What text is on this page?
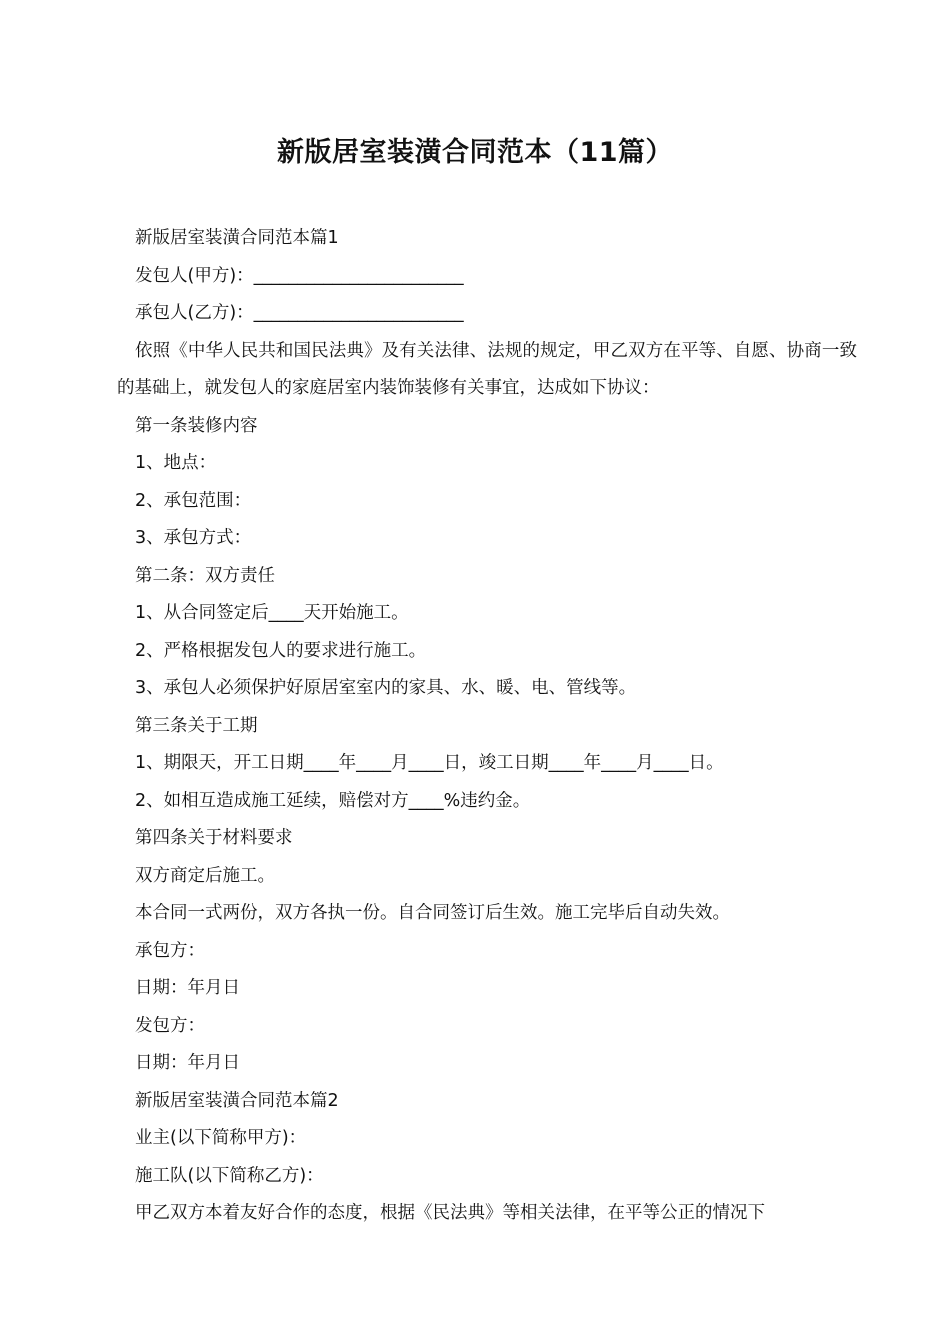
新版居室装潢合同范本（11篇）

新版居室装潢合同范本篇1

发包人(甲方)：________________________

承包人(乙方)：________________________

依照《中华人民共和国民法典》及有关法律、法规的规定，甲乙双方在平等、自愿、协商一致的基础上，就发包人的家庭居室内装饰装修有关事宜，达成如下协议：

第一条装修内容

1、地点：

2、承包范围：

3、承包方式：

第二条：双方责任

1、从合同签定后____天开始施工。

2、严格根据发包人的要求进行施工。

3、承包人必须保护好原居室室内的家具、水、暖、电、管线等。

第三条关于工期

1、期限天，开工日期____年____月____日，竣工日期____年____月____日。

2、如相互造成施工延续，赔偿对方____%违约金。

第四条关于材料要求

双方商定后施工。

本合同一式两份，双方各执一份。自合同签订后生效。施工完毕后自动失效。

承包方：

日期：年月日

发包方：

日期：年月日

新版居室装潢合同范本篇2

业主(以下简称甲方)：

施工队(以下简称乙方)：

甲乙双方本着友好合作的态度，根据《民法典》等相关法律，在平等公正的情况下
